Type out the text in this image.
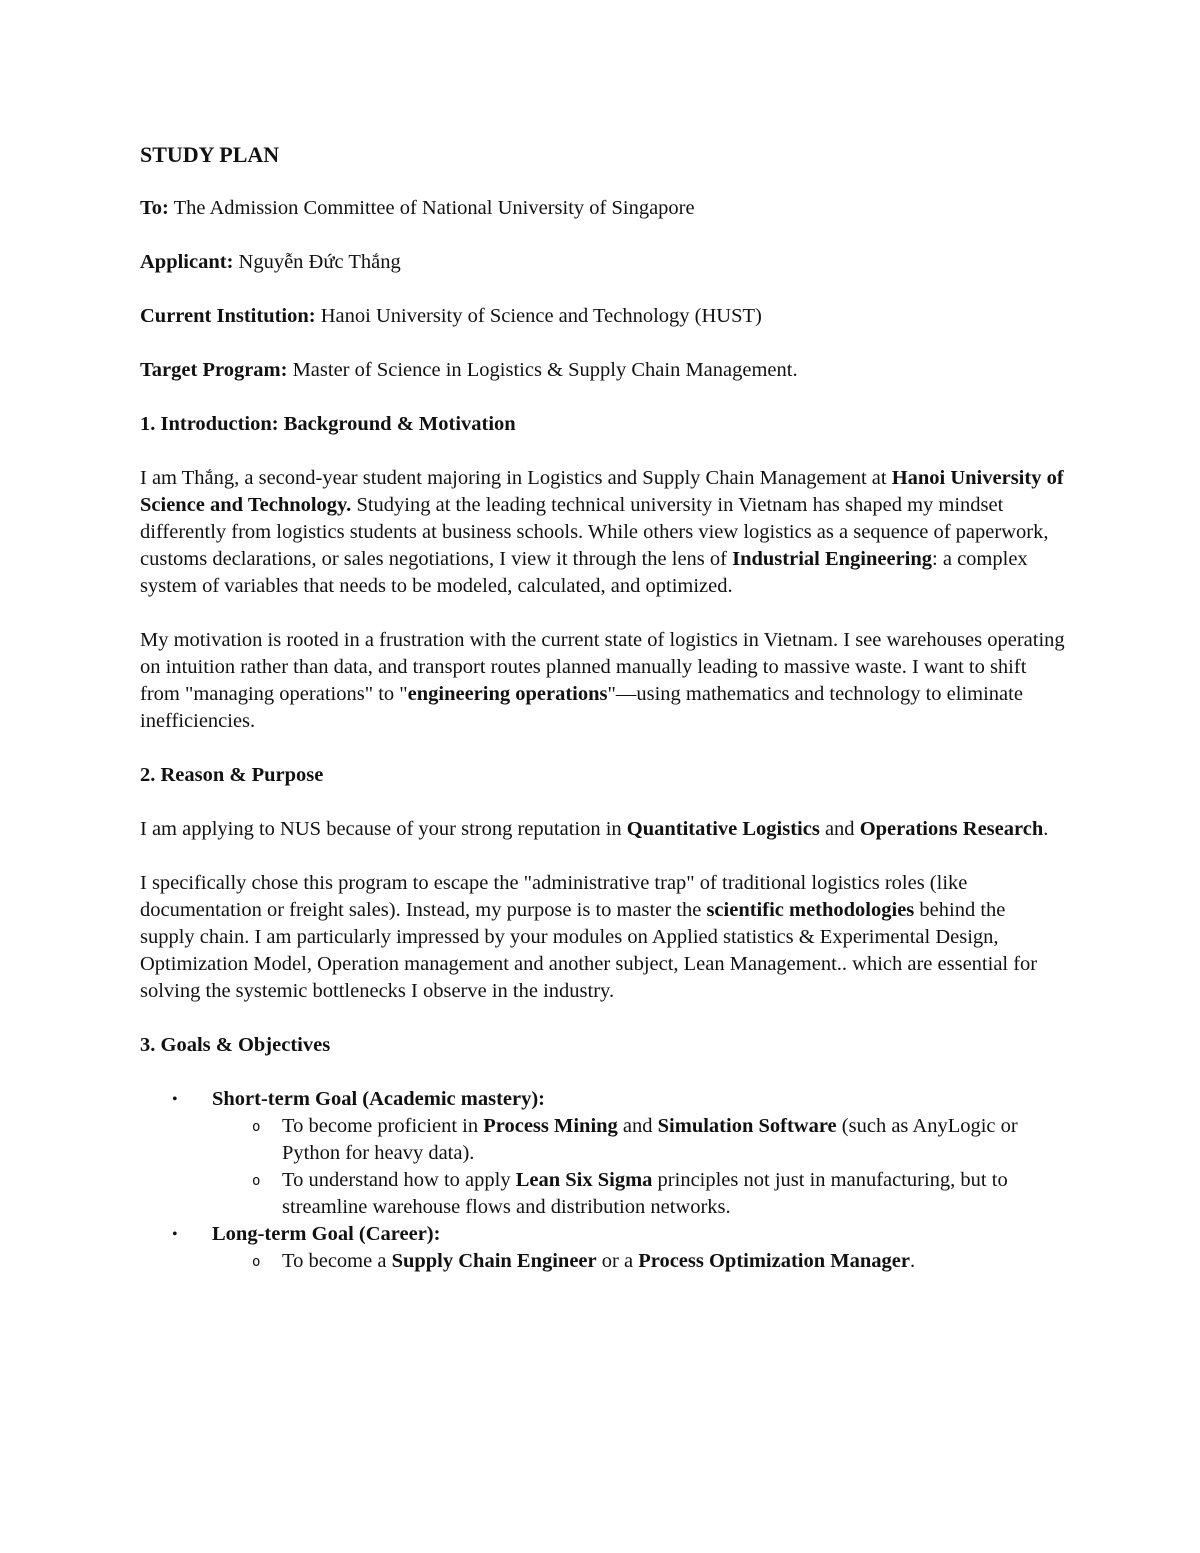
STUDY PLAN

To: The Admission Committee of National University of Singapore

Applicant: Nguyễn Đức Thắng

Current Institution: Hanoi University of Science and Technology (HUST)

Target Program: Master of Science in Logistics & Supply Chain Management.

1. Introduction: Background & Motivation

I am Thắng, a second-year student majoring in Logistics and Supply Chain Management at Hanoi University of Science and Technology. Studying at the leading technical university in Vietnam has shaped my mindset differently from logistics students at business schools. While others view logistics as a sequence of paperwork, customs declarations, or sales negotiations, I view it through the lens of Industrial Engineering: a complex system of variables that needs to be modeled, calculated, and optimized.

My motivation is rooted in a frustration with the current state of logistics in Vietnam. I see warehouses operating on intuition rather than data, and transport routes planned manually leading to massive waste. I want to shift from "managing operations" to "engineering operations"—using mathematics and technology to eliminate inefficiencies.

2. Reason & Purpose

I am applying to NUS because of your strong reputation in Quantitative Logistics and Operations Research.

I specifically chose this program to escape the "administrative trap" of traditional logistics roles (like documentation or freight sales). Instead, my purpose is to master the scientific methodologies behind the supply chain. I am particularly impressed by your modules on Applied statistics & Experimental Design, Optimization Model, Operation management and another subject, Lean Management.. which are essential for solving the systemic bottlenecks I observe in the industry.

3. Goals & Objectives
• Short-term Goal (Academic mastery):
o To become proficient in Process Mining and Simulation Software (such as AnyLogic or Python for heavy data).
o To understand how to apply Lean Six Sigma principles not just in manufacturing, but to streamline warehouse flows and distribution networks.
• Long-term Goal (Career):
o To become a Supply Chain Engineer or a Process Optimization Manager.
